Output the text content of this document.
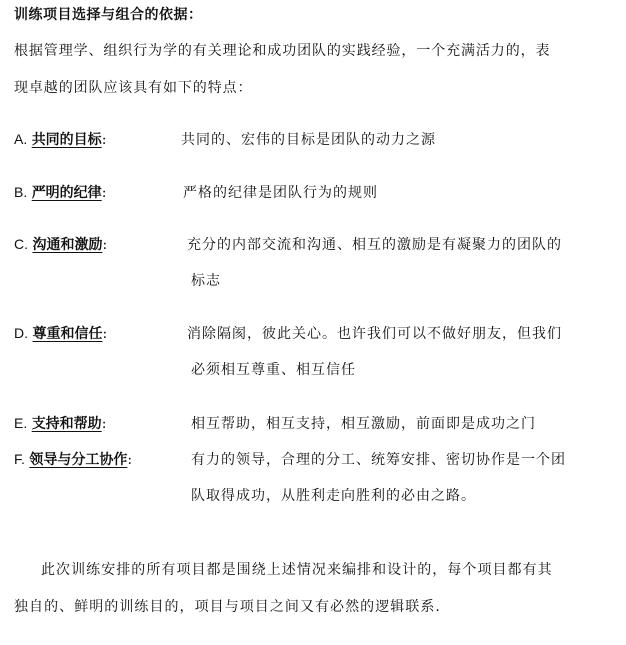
训练项目选择与组合的依据：
根据管理学、组织行为学的有关理论和成功团队的实践经验，一个充满活力的，表
现卓越的团队应该具有如下的特点：
A. 共同的目标:	共同的、宏伟的目标是团队的动力之源
B. 严明的纪律:	严格的纪律是团队行为的规则
C. 沟通和激励:	充分的内部交流和沟通、相互的激励是有凝聚力的团队的
标志
D. 尊重和信任:	消除隔阂，彼此关心。也许我们可以不做好朋友，但我们
必须相互尊重、相互信任
E. 支持和帮助:	相互帮助，相互支持，相互激励，前面即是成功之门
F. 领导与分工协作:	有力的领导，合理的分工、统筹安排、密切协作是一个团
队取得成功，从胜利走向胜利的必由之路。
此次训练安排的所有项目都是围绕上述情况来编排和设计的，每个项目都有其
独自的、鲜明的训练目的，项目与项目之间又有必然的逻辑联系.
